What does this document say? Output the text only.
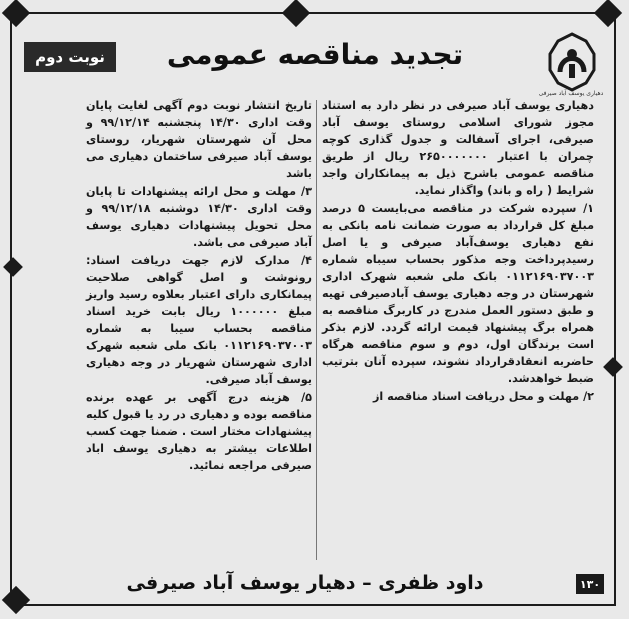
نوبت دوم	تجدید مناقصه عمومی
دهیاری یوسف آباد صیرفی

دهیاری یوسف آباد صیرفی در نظر دارد به استناد مجوز شورای اسلامی روستای یوسف آباد صیرفی، اجرای آسفالت و جدول گذاری کوچه چمران با اعتبار ۲۶۵۰۰۰۰۰۰۰ ریال از طریق مناقصه عمومی باشرح ذیل به پیمانکاران واجد شرایط ( راه و باند) واگذار نماید.

۱/ سپرده شرکت در مناقصه می‌بایست ۵ درصد مبلغ کل قرارداد به صورت ضمانت نامه بانکی به نفع دهیاری یوسف‌آباد صیرفی و یا اصل رسید‌پرداخت وجه مذکور بحساب سیباه شماره ۰۱۱۲۱۶۹۰۳۷۰۰۳ بانک ملی شعبه شهرک اداری شهرستان در وجه دهیاری یوسف آبادصیرفی تهیه و طبق دستور العمل مندرج در کاربرگ مناقصه به همراه برگ پیشنهاد قیمت ارائه گردد. لازم بذکر است برندگان اول، دوم و سوم مناقصه هرگاه حاضربه انعقادقرارداد نشوند، سپرده آنان بترتیب ضبط خواهدشد.

۲/ مهلت و محل دریافت اسناد مناقصه از

تاریخ انتشار نوبت دوم آگهی لغایت پایان وقت اداری ۱۴/۳۰ پنجشنبه ۹۹/۱۲/۱۴ و محل آن شهرستان شهریار، روستای یوسف آباد صیرفی ساختمان دهیاری می باشد

۳/ مهلت و محل ارائه پیشنهادات تا پایان وقت اداری ۱۴/۳۰ دوشنبه ۹۹/۱۲/۱۸ و محل تحویل پیشنهادات دهیاری یوسف آباد صیرفی می باشد.

۴/ مدارک لازم جهت دریافت اسناد: رونوشت و اصل گواهی صلاحیت پیمانکاری دارای اعتبار بعلاوه رسید واریز مبلغ ۱۰۰۰۰۰۰ ریال بابت خرید اسناد مناقصه بحساب سیبا به شماره ۰۱۱۲۱۶۹۰۳۷۰۰۳ بانک ملی شعبه شهرک اداری شهرستان شهریار در وجه دهیاری یوسف آباد صیرفی.

۵/ هزینه درج آگهی بر عهده برنده مناقصه بوده و دهیاری در رد یا قبول کلیه پیشنهادات مختار است . ضمنا جهت کسب اطلاعات بیشتر به دهیاری یوسف اباد صیرفی مراجعه نمائید.

داود ظفری – دهیار یوسف آباد صیرفی	۱۳۰
